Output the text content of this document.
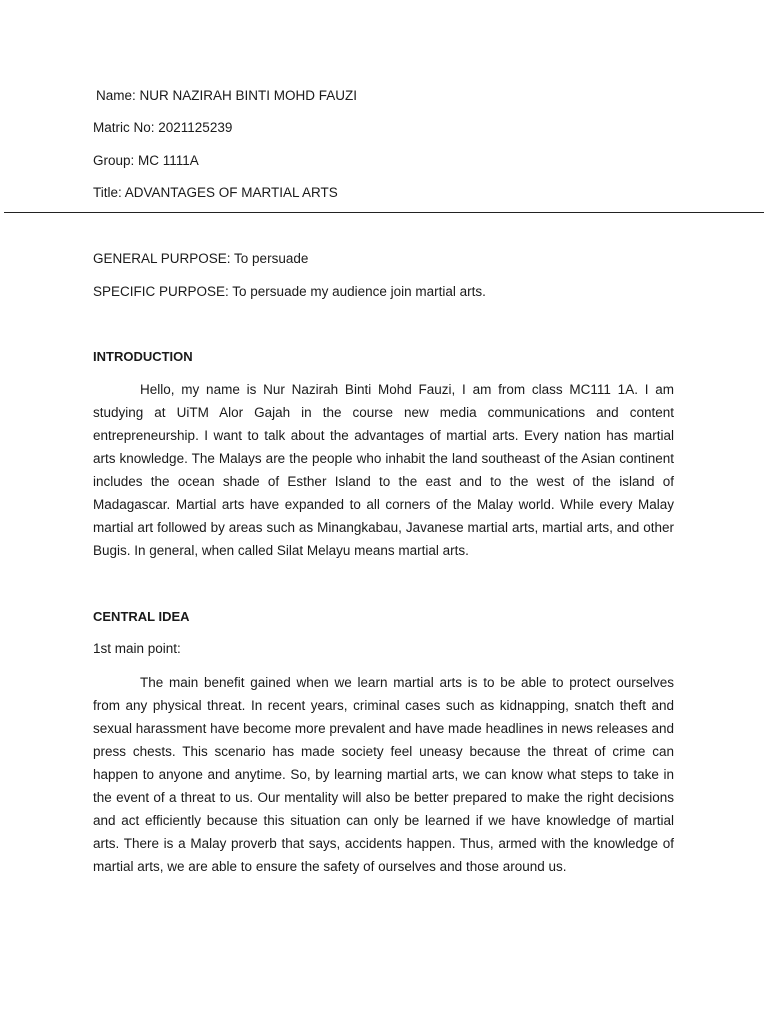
Name: NUR NAZIRAH BINTI MOHD FAUZI
Matric No: 2021125239
Group: MC 1111A
Title: ADVANTAGES OF MARTIAL ARTS
GENERAL PURPOSE: To persuade
SPECIFIC PURPOSE: To persuade my audience join martial arts.
INTRODUCTION

Hello, my name is Nur Nazirah Binti Mohd Fauzi, I am from class MC111 1A. I am studying at UiTM Alor Gajah in the course new media communications and content entrepreneurship. I want to talk about the advantages of martial arts. Every nation has martial arts knowledge. The Malays are the people who inhabit the land southeast of the Asian continent includes the ocean shade of Esther Island to the east and to the west of the island of Madagascar. Martial arts have expanded to all corners of the Malay world. While every Malay martial art followed by areas such as Minangkabau, Javanese martial arts, martial arts, and other Bugis. In general, when called Silat Melayu means martial arts.

CENTRAL IDEA
1st main point:

The main benefit gained when we learn martial arts is to be able to protect ourselves from any physical threat. In recent years, criminal cases such as kidnapping, snatch theft and sexual harassment have become more prevalent and have made headlines in news releases and press chests. This scenario has made society feel uneasy because the threat of crime can happen to anyone and anytime. So, by learning martial arts, we can know what steps to take in the event of a threat to us. Our mentality will also be better prepared to make the right decisions and act efficiently because this situation can only be learned if we have knowledge of martial arts. There is a Malay proverb that says, accidents happen. Thus, armed with the knowledge of martial arts, we are able to ensure the safety of ourselves and those around us.
